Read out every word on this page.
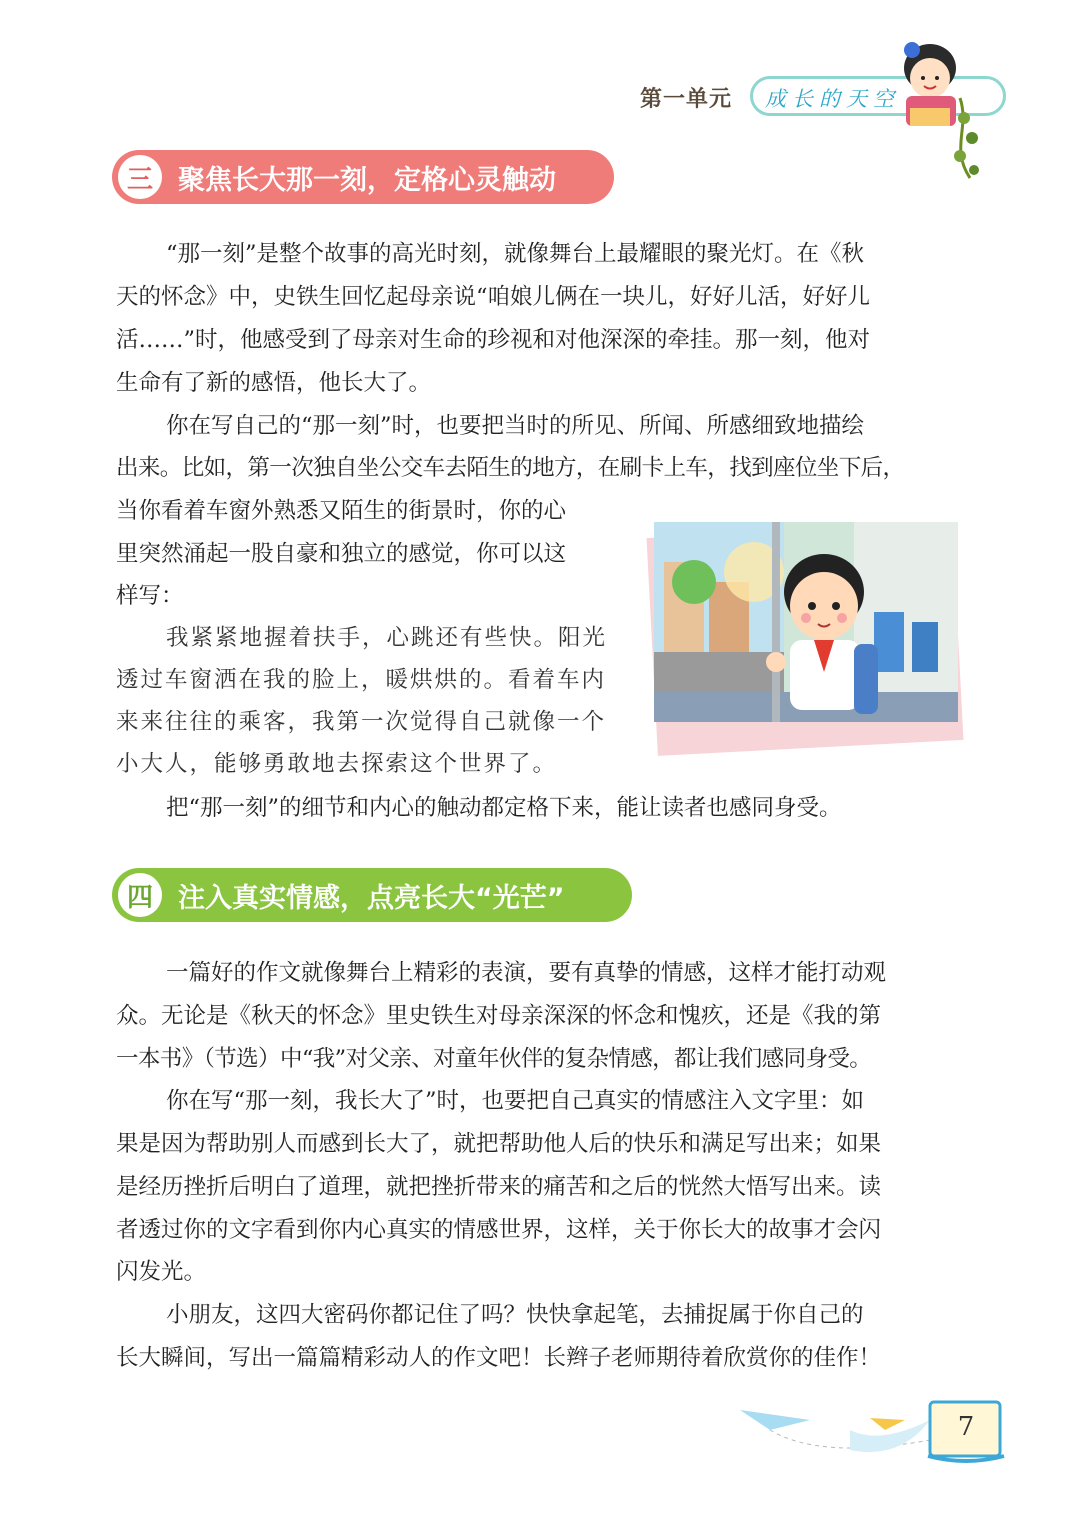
第一单元 成长的天空
三 聚焦长大那一刻，定格心灵触动
“那一刻”是整个故事的高光时刻，就像舞台上最耀眼的聚光灯。在《秋
天的怀念》中，史铁生回忆起母亲说“咱娘儿俩在一块儿，好好儿活，好好儿
活……”时，他感受到了母亲对生命的珍视和对他深深的牵挂。那一刻，他对
生命有了新的感悟，他长大了。
你在写自己的“那一刻”时，也要把当时的所见、所闻、所感细致地描绘
出来。比如，第一次独自坐公交车去陌生的地方，在刷卡上车，找到座位坐下后，
当你看着车窗外熟悉又陌生的街景时，你的心
里突然涌起一股自豪和独立的感觉，你可以这
样写：
我紧紧地握着扶手，心跳还有些快。阳光
透过车窗洒在我的脸上，暖烘烘的。看着车内
来来往往的乘客，我第一次觉得自己就像一个
小大人，能够勇敢地去探索这个世界了。
把“那一刻”的细节和内心的触动都定格下来，能让读者也感同身受。
四 注入真实情感，点亮长大“光芒”
一篇好的作文就像舞台上精彩的表演，要有真挚的情感，这样才能打动观
众。无论是《秋天的怀念》里史铁生对母亲深深的怀念和愧疚，还是《我的第
一本书》（节选）中“我”对父亲、对童年伙伴的复杂情感，都让我们感同身受。
你在写“那一刻，我长大了”时，也要把自己真实的情感注入文字里：如
果是因为帮助别人而感到长大了，就把帮助他人后的快乐和满足写出来；如果
是经历挫折后明白了道理，就把挫折带来的痛苦和之后的恍然大悟写出来。读
者透过你的文字看到你内心真实的情感世界，这样，关于你长大的故事才会闪
闪发光。
小朋友，这四大密码你都记住了吗？快快拿起笔，去捕捉属于你自己的
长大瞬间，写出一篇篇精彩动人的作文吧！长辫子老师期待着欣赏你的佳作！
7
